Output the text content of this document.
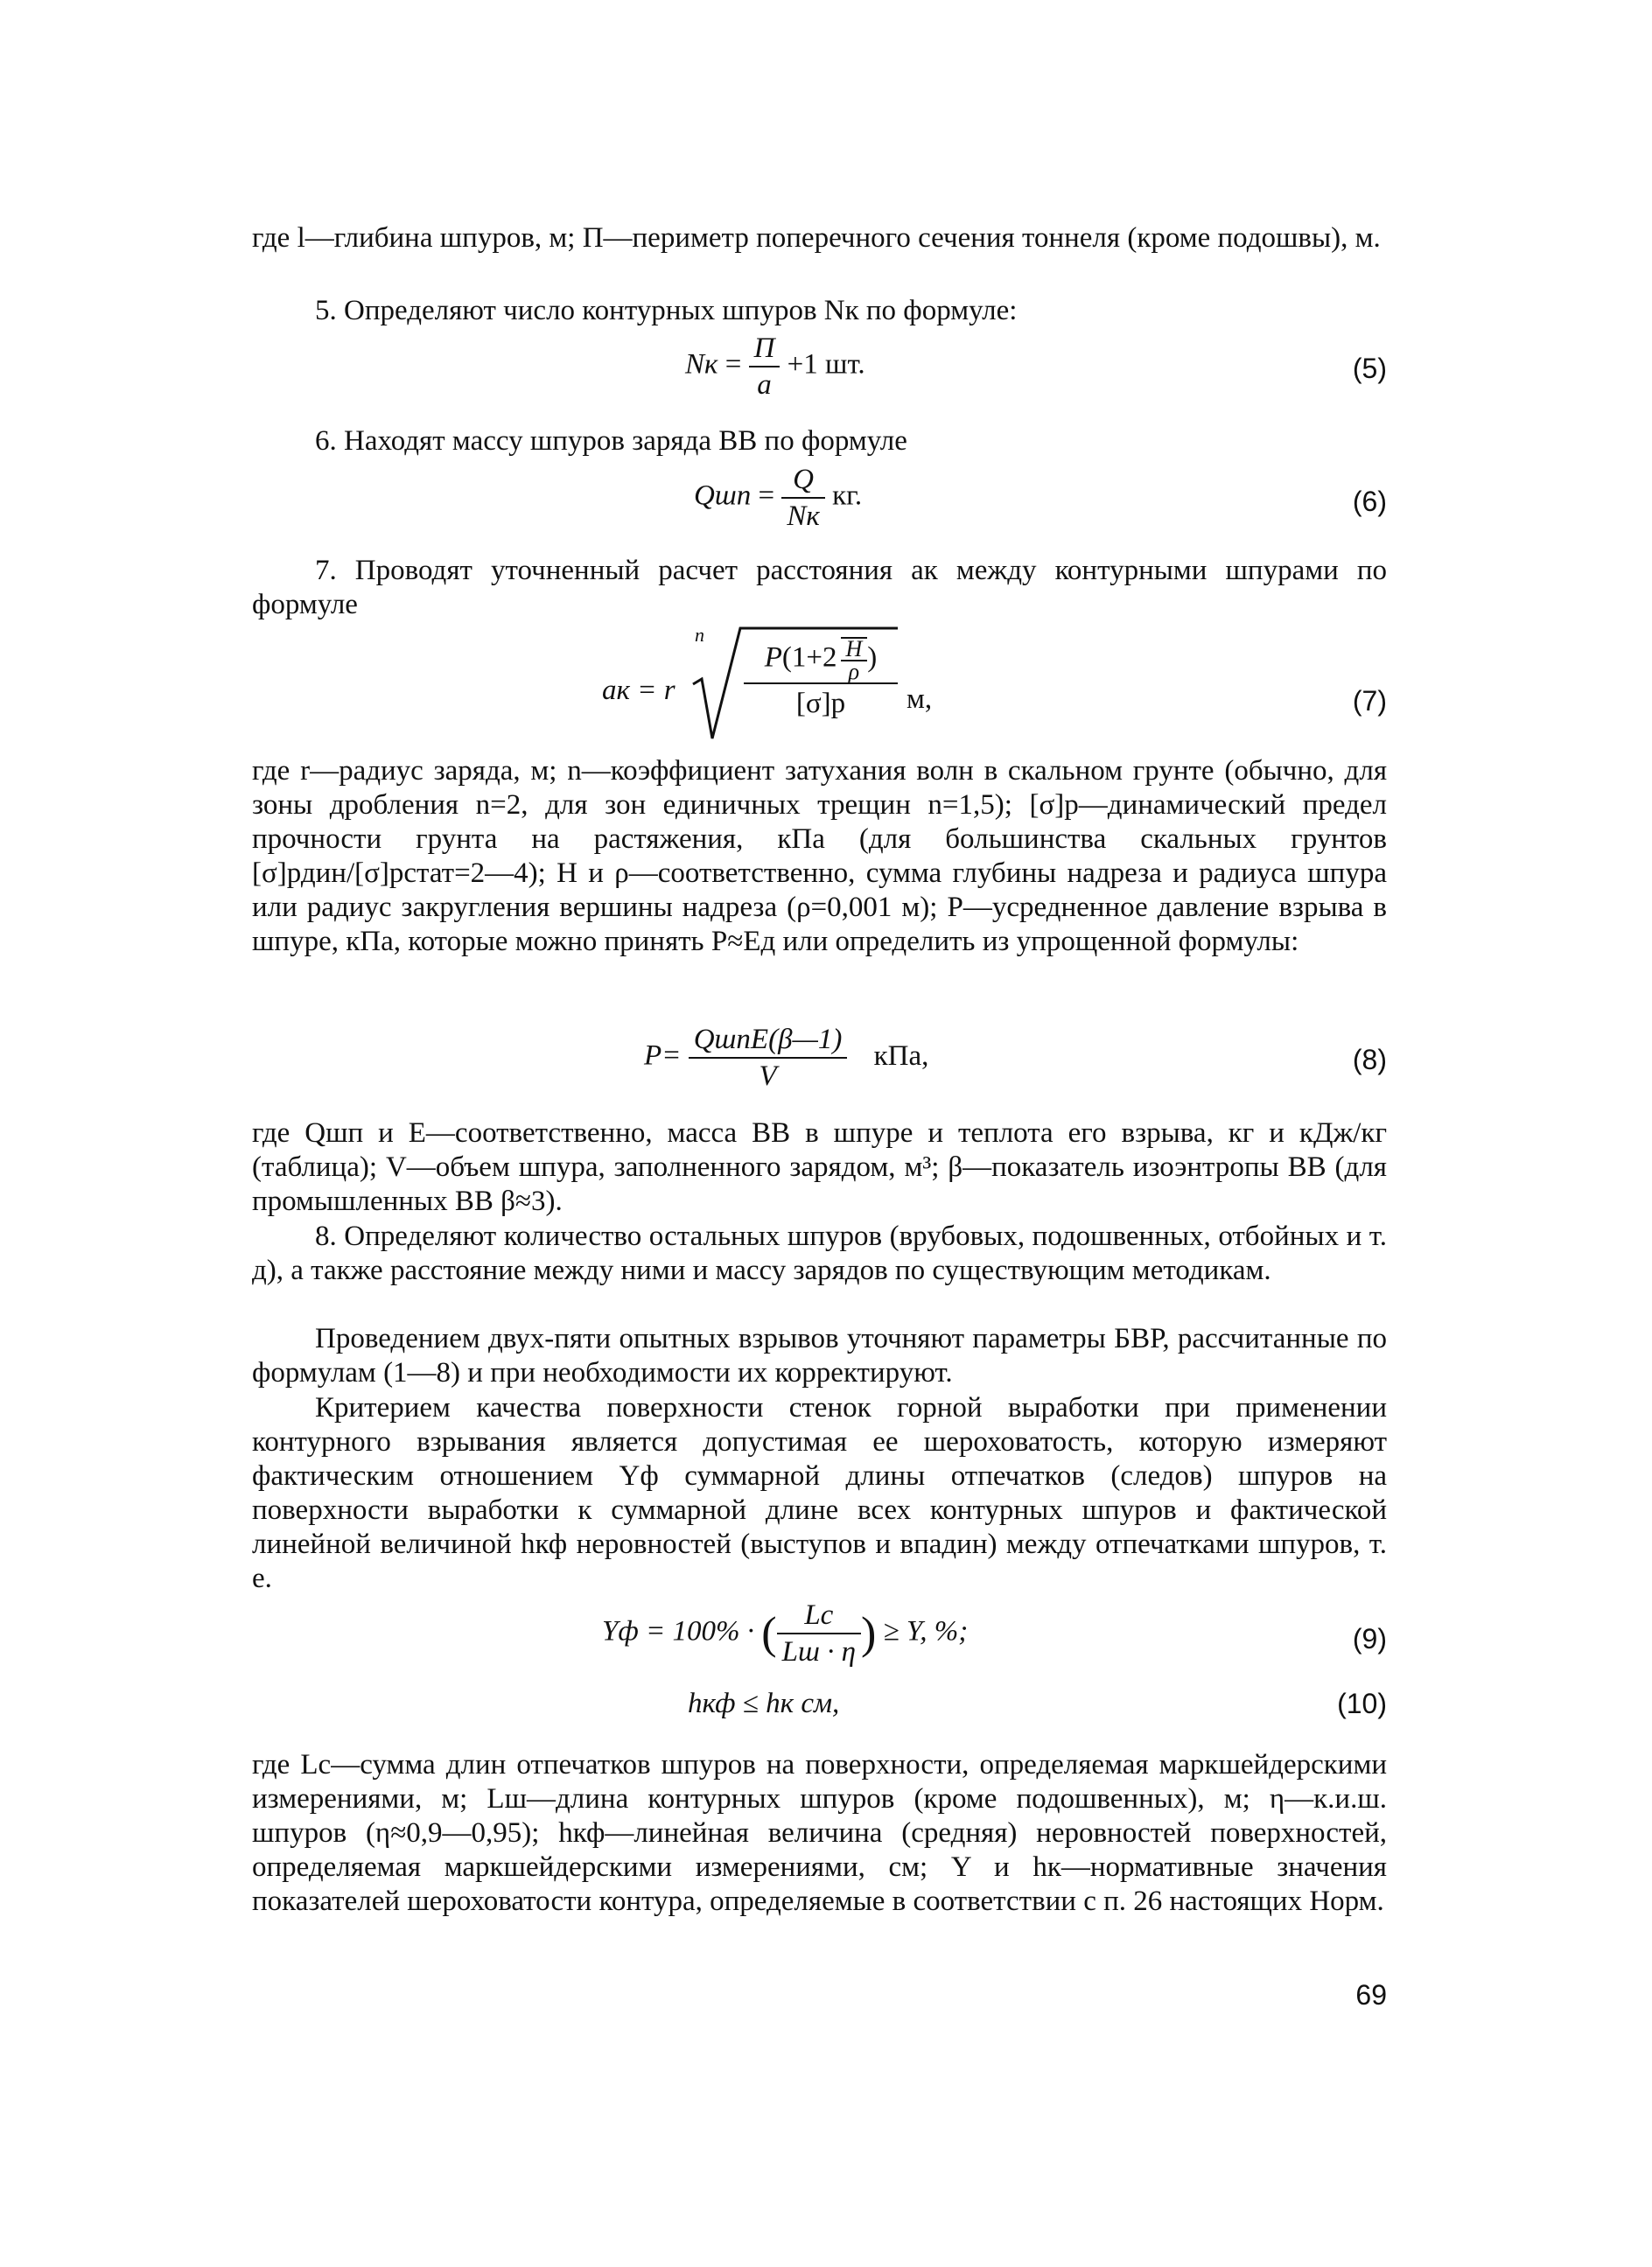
где l—глибина шпуров, м; П—периметр поперечного сечения тоннеля (кроме подошвы), м.

5. Определяют число контурных шпуров Nк по формуле:

Nк = $\frac{П}{a} +1$ шт.	(5)

6. Находят массу шпуров заряда ВВ по формуле

Qшп = $\frac{Q}{Nк}$ кг.	(6)

7. Проводят уточненный расчет расстояния aк между контурными шпурами по формуле

aк = r
n
$P(1+2 \frac{H}{\rho}$ )
[σ]р	м,	(7)

где r—радиус заряда, м; n—коэффициент затухания волн в скальном грунте (обычно, для зоны дробления n=2, для зон единичных трещин n=1,5); [σ]р—динамический предел прочности грунта на растяжения, кПа (для большинства скальных грунтов [σ]рдин/[σ]рстат=2—4); H и ρ—соответственно, сумма глубины надреза и радиуса шпура или радиус закругления вершины надреза (ρ=0,001 м); P—усредненное давление взрыва в шпуре, кПа, которые можно принять P≈Eд или определить из упрощенной формулы:

$P= \frac{\text{QшпE(β—1)}}{V}$ кПа,	(8)

где Qшп и E—соответственно, масса ВВ в шпуре и теплота его взрыва, кг и кДж/кг (таблица); V—объем шпура, заполненного зарядом, м³; β—показатель изоэнтропы ВВ (для промышленных ВВ β≈3).

8. Определяют количество остальных шпуров (врубовых, подошвенных, отбойных и т. д), а также расстояние между ними и массу зарядов по существующим методикам.

Проведением двух-пяти опытных взрывов уточняют параметры БВР, рассчитанные по формулам (1—8) и при необходимости их корректируют.

Критерием качества поверхности стенок горной выработки при применении контурного взрывания является допустимая ее шероховатость, которую измеряют фактическим отношением Yф суммарной длины отпечатков (следов) шпуров на поверхности выработки к суммарной длине всех контурных шпуров и фактической линейной величиной hкф неровностей (выступов и впадин) между отпечатками шпуров, т. е.

Yф = 100% · ( $\frac{Lс}{Lш \cdot \eta}$ ) ≥ Y, %;	(9)
hкф ≤ hк см,	(10)

где Lс—сумма длин отпечатков шпуров на поверхности, определяемая маркшейдерскими измерениями, м; Lш—длина контурных шпуров (кроме подошвенных), м; η—к.и.ш. шпуров (η≈0,9—0,95); hкф—линейная величина (средняя) неровностей поверхностей, определяемая маркшейдерскими измерениями, см; Y и hк—нормативные значения показателей шероховатости контура, определяемые в соответствии с п. 26 настоящих Норм.

69
